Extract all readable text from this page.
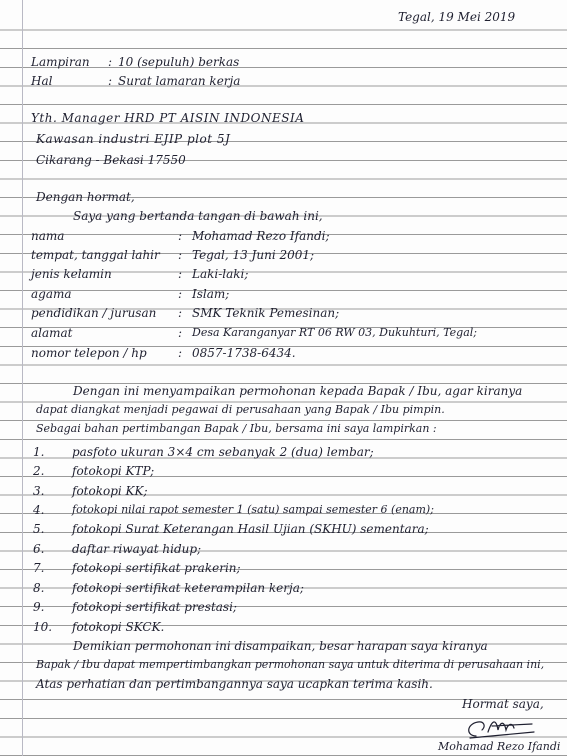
Tegal, 19 Mei 2019
Lampiran : 10 (sepuluh) berkas
Hal	: Surat lamaran kerja
Yth. Manager HRD PT AISIN INDONESIA
Kawasan industri EJIP plot 5J
Cikarang - Bekasi 17550
Dengan hormat,
Saya yang bertanda tangan di bawah ini,
nama	: Mohamad Rezo Ifandi;
tempat, tanggal lahir : Tegal, 13 Juni 2001;
jenis kelamin	: Laki-laki;
agama	: Islam;
pendidikan / jurusan : SMK Teknik Pemesinan;
alamat	: Desa Karanganyar RT 06 RW 03, Dukuhturi, Tegal;
nomor telepon / hp	: 0857-1738-6434.
Dengan ini menyampaikan permohonan kepada Bapak / Ibu, agar kiranya
dapat diangkat menjadi pegawai di perusahaan yang Bapak / Ibu pimpin.
Sebagai bahan pertimbangan Bapak / Ibu, bersama ini saya lampirkan :
1. pasfoto ukuran 3×4 cm sebanyak 2 (dua) lembar;
2. fotokopi KTP;
3. fotokopi KK;
4.	fotokopi nilai rapot semester 1 (satu) sampai semester 6 (enam);
5. fotokopi Surat Keterangan Hasil Ujian (SKHU) sementara;
6. daftar riwayat hidup;
7. fotokopi sertifikat prakerin;
8. fotokopi sertifikat keterampilan kerja;
9. fotokopi sertifikat prestasi;
10. fotokopi SKCK.
Demikian permohonan ini disampaikan, besar harapan saya kiranya
Bapak / Ibu dapat mempertimbangkan permohonan saya untuk diterima di perusahaan ini,
Atas perhatian dan pertimbangannya saya ucapkan terima kasih.
Hormat saya,
Mohamad Rezo Ifandi
